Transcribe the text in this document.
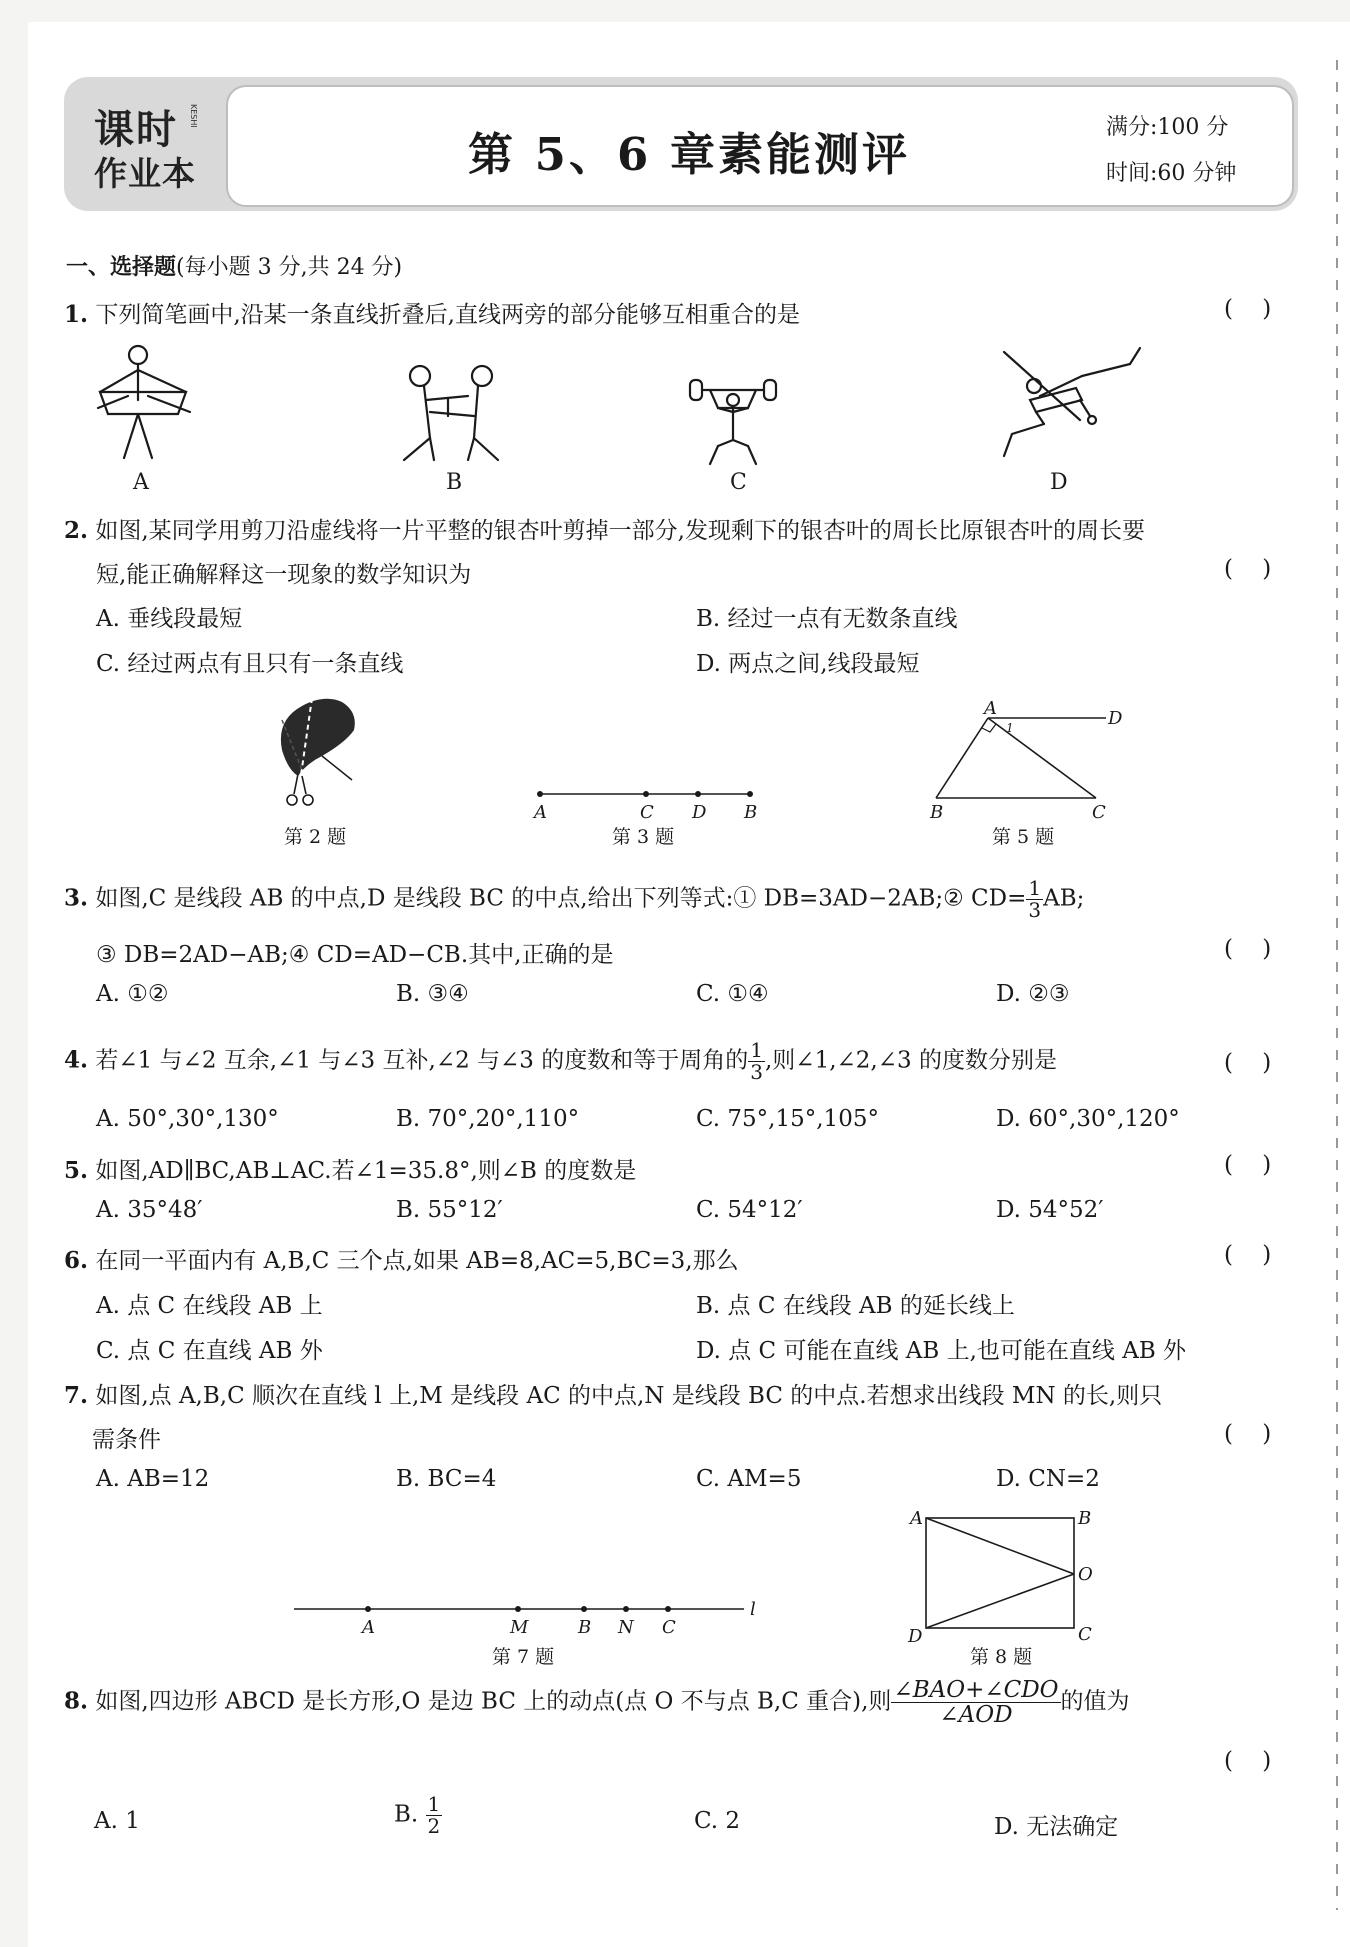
课时 KESHI
作业本	第 5、6 章素能测评
满分:100 分
时间:60 分钟
一、选择题(每小题 3 分,共 24 分)
1. 下列简笔画中,沿某一条直线折叠后,直线两旁的部分能够互相重合的是	(    )
A	B	C	D
2. 如图,某同学用剪刀沿虚线将一片平整的银杏叶剪掉一部分,发现剩下的银杏叶的周长比原银杏叶的周长要
短,能正确解释这一现象的数学知识为	(    )
A. 垂线段最短	B. 经过一点有无数条直线
C. 经过两点有且只有一条直线	D. 两点之间,线段最短
第 2 题
A	C D B
第 3 题
A	D
B	C
1
第 5 题
3. 如图,C 是线段 AB 的中点,D 是线段 BC 的中点,给出下列等式:① DB=3AD−2AB;② $CD= \frac{1}{3}$ AB;
③ DB=2AD−AB;④ CD=AD−CB.其中,正确的是	(    )
A. ①②	B. ③④	C. ①④	D. ②③
4. 若∠1 与∠2 互余,∠1 与∠3 互补,∠2 与∠3 的度数和等于周角的 $\frac{1}{3}$ ,则∠1,∠2,∠3 的度数分别是	(    )
A. 50°,30°,130°	B. 70°,20°,110°	C. 75°,15°,105°	D. 60°,30°,120°
5. 如图,AD∥BC,AB⊥AC.若∠1=35.8°,则∠B 的度数是	(    )
A. 35°48′	B. 55°12′	C. 54°12′	D. 54°52′
6. 在同一平面内有 A,B,C 三个点,如果 AB=8,AC=5,BC=3,那么	(    )
A. 点 C 在线段 AB 上	B. 点 C 在线段 AB 的延长线上
C. 点 C 在直线 AB 外	D. 点 C 可能在直线 AB 上,也可能在直线 AB 外
7. 如图,点 A,B,C 顺次在直线 l 上,M 是线段 AC 的中点,N 是线段 BC 的中点.若想求出线段 MN 的长,则只
需条件	(    )
A. AB=12	B. BC=4	C. AM=5	D. CN=2
A	M	B N C
l
第 7 题
A	B
O
D	C
第 8 题
8. 如图,四边形 ABCD 是长方形,O 是边 BC 上的动点(点 O 不与点 B,C 重合),则 $\frac{\text{∠BAO+∠CDO}}{\text{∠AOD}}$ 的值为
(    )
A. 1	B. $\frac{1}{2}$	C. 2	D. 无法确定
